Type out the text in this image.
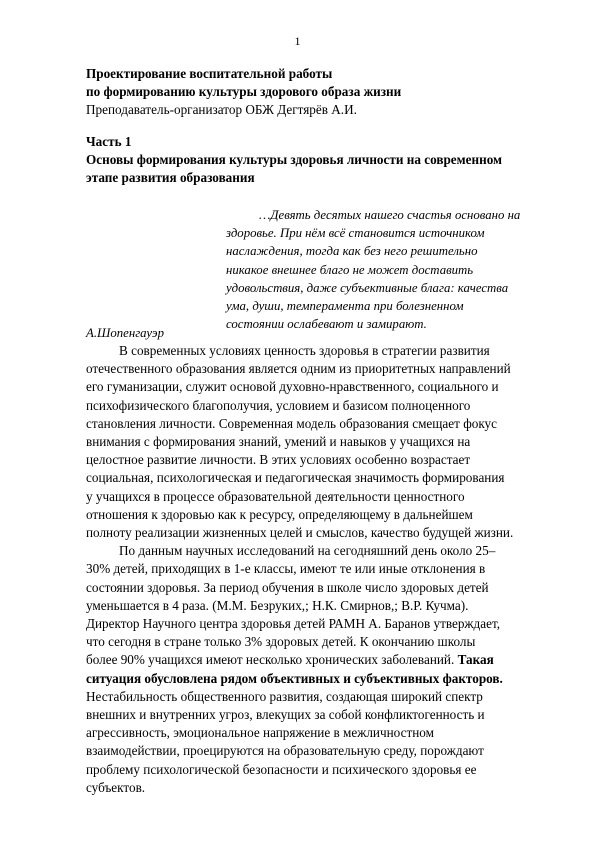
1
Проектирование воспитательной работы
по формированию культуры здорового образа жизни
Преподаватель-организатор ОБЖ Дегтярёв А.И.
Часть 1
Основы формирования культуры здоровья личности на современном
этапе развития образования
…Девять десятых нашего счастья основано на
здоровье. При нём всё становится источником
наслаждения, тогда как без него решительно
никакое внешнее благо не может доставить
удовольствия, даже субъективные блага: качества
ума, души, темперамента при болезненном
состоянии ослабевают и замирают.
А.Шопенгауэр
В современных условиях ценность здоровья в стратегии развития
отечественного образования является одним из приоритетных направлений
его гуманизации, служит основой духовно-нравственного, социального и
психофизического благополучия, условием и базисом полноценного
становления личности. Современная модель образования смещает фокус
внимания с формирования знаний, умений и навыков у учащихся на
целостное развитие личности. В этих условиях особенно возрастает
социальная, психологическая и педагогическая значимость формирования
у учащихся в процессе образовательной деятельности ценностного
отношения к здоровью как к ресурсу, определяющему в дальнейшем
полноту реализации жизненных целей и смыслов, качество будущей жизни.
По данным научных исследований на сегодняшний день около 25–
30% детей, приходящих в 1-е классы, имеют те или иные отклонения в
состоянии здоровья. За период обучения в школе число здоровых детей
уменьшается в 4 раза. (М.М. Безруких,; Н.К. Смирнов,; В.Р. Кучма).
Директор Научного центра здоровья детей РАМН А. Баранов утверждает,
что сегодня в стране только 3% здоровых детей. К окончанию школы
более 90% учащихся имеют несколько хронических заболеваний. Такая
ситуация обусловлена рядом объективных и субъективных факторов.
Нестабильность общественного развития, создающая широкий спектр
внешних и внутренних угроз, влекущих за собой конфликтогенность и
агрессивность, эмоциональное напряжение в межличностном
взаимодействии, проецируются на образовательную среду, порождают
проблему психологической безопасности и психического здоровья ее
субъектов.
